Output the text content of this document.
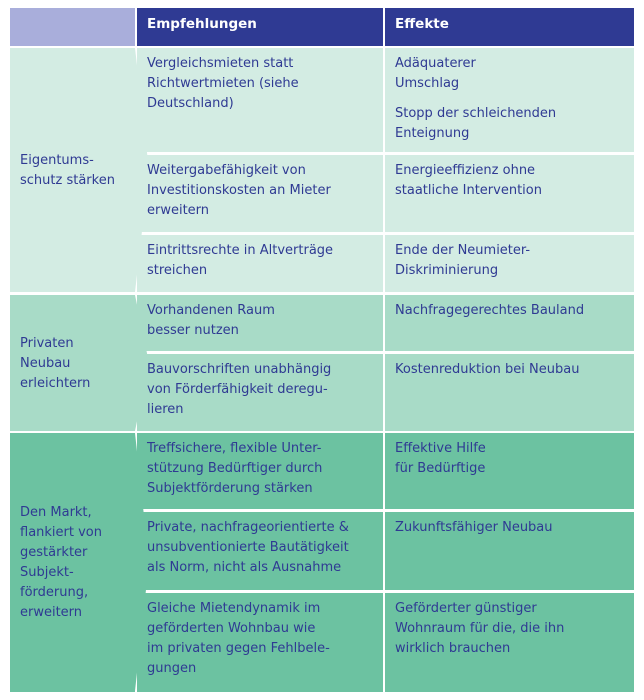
Empfehlungen	Effekte
Eigentums-
schutz stärken
Vergleichsmieten statt
Richtwertmieten (siehe
Deutschland)

Adäquaterer
Umschlag

Stopp der schleichenden
Enteignung

Weitergabefähigkeit von
Investitionskosten an Mieter
erweitern

Energieeffizienz ohne
staatliche Intervention

Eintrittsrechte in Altverträge
streichen

Ende der Neumieter-
Diskriminierung

Privaten
Neubau
erleichtern
Vorhandenen Raum
besser nutzen

Nachfragegerechtes Bauland

Bauvorschriften unabhängig
von Förderfähigkeit deregu-
lieren

Kostenreduktion bei Neubau

Den Markt,
flankiert von
gestärkter
Subjekt-
förderung,
erweitern
Treffsichere, flexible Unter-
stützung Bedürftiger durch
Subjektförderung stärken

Effektive Hilfe
für Bedürftige

Private, nachfrageorientierte &
unsubventionierte Bautätigkeit
als Norm, nicht als Ausnahme

Zukunftsfähiger Neubau

Gleiche Mietendynamik im
geförderten Wohnbau wie
im privaten gegen Fehlbele-
gungen

Geförderter günstiger
Wohnraum für die, die ihn
wirklich brauchen
